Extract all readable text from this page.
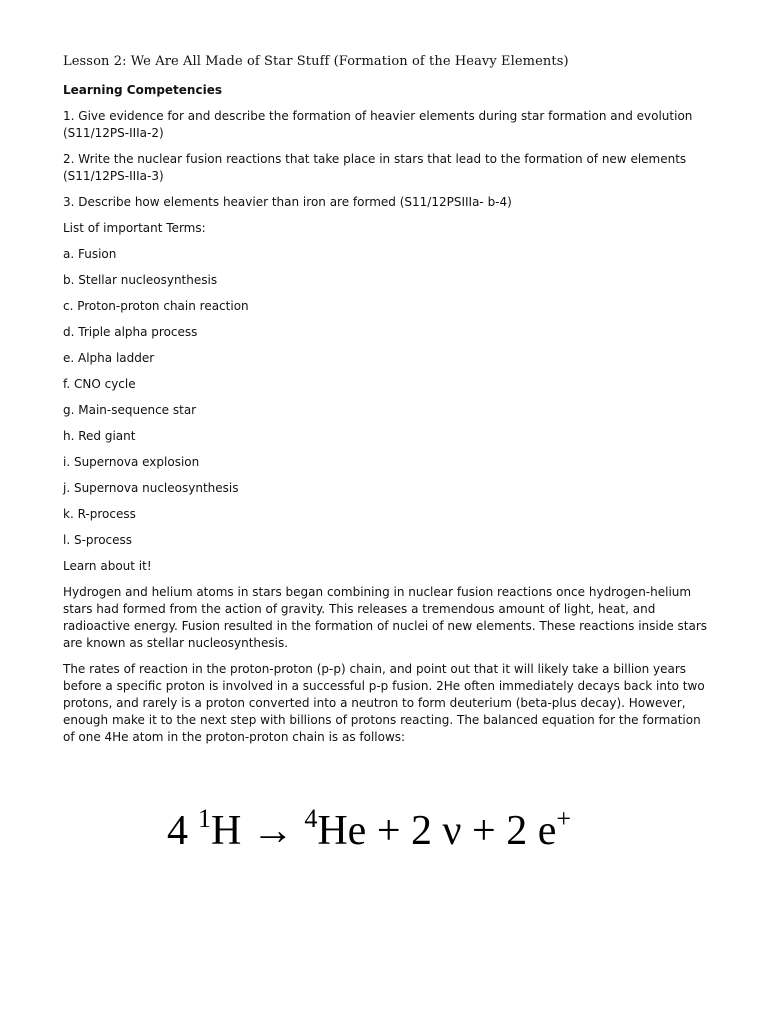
Lesson 2: We Are All Made of Star Stuff (Formation of the Heavy Elements)
Learning Competencies
1. Give evidence for and describe the formation of heavier elements during star formation and evolution (S11/12PS-IIIa-2)
2. Write the nuclear fusion reactions that take place in stars that lead to the formation of new elements (S11/12PS-IIIa-3)
3. Describe how elements heavier than iron are formed (S11/12PSIIIa- b-4)
List of important Terms:
a. Fusion
b. Stellar nucleosynthesis
c. Proton-proton chain reaction
d. Triple alpha process
e. Alpha ladder
f. CNO cycle
g. Main-sequence star
h. Red giant
i. Supernova explosion
j. Supernova nucleosynthesis
k. R-process
l. S-process
Learn about it!
Hydrogen and helium atoms in stars began combining in nuclear fusion reactions once hydrogen-helium stars had formed from the action of gravity. This releases a tremendous amount of light, heat, and radioactive energy. Fusion resulted in the formation of nuclei of new elements. These reactions inside stars are known as stellar nucleosynthesis.
The rates of reaction in the proton-proton (p-p) chain, and point out that it will likely take a billion years before a specific proton is involved in a successful p-p fusion. 2He often immediately decays back into two protons, and rarely is a proton converted into a neutron to form deuterium (beta-plus decay). However, enough make it to the next step with billions of protons reacting. The balanced equation for the formation of one 4He atom in the proton-proton chain is as follows:
4 $^1$H → $^4$He + 2 ν + 2 e+
